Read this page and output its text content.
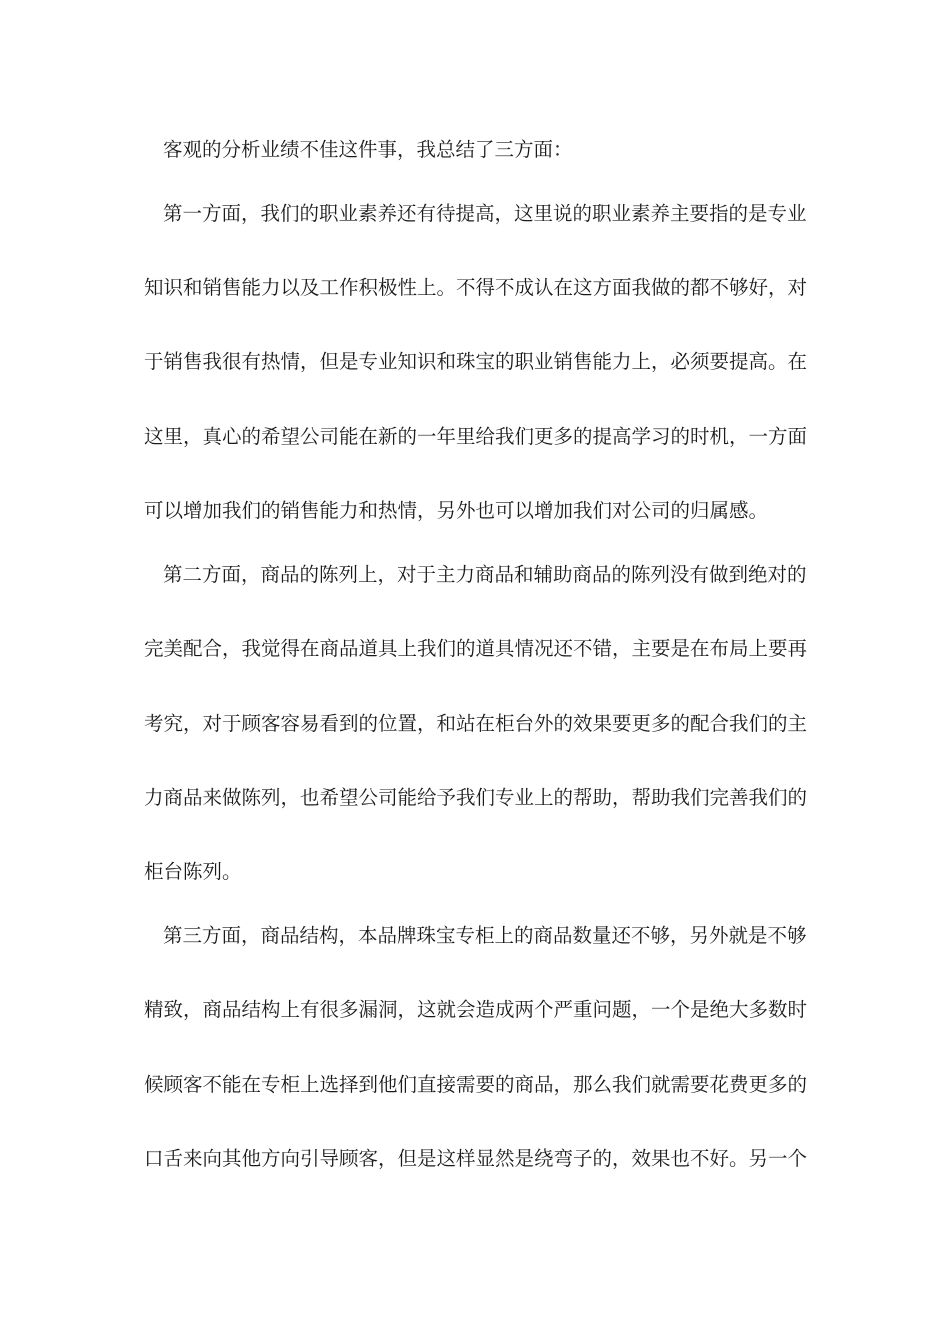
客观的分析业绩不佳这件事，我总结了三方面：
第一方面，我们的职业素养还有待提高，这里说的职业素养主要指的是专业
知识和销售能力以及工作积极性上。不得不成认在这方面我做的都不够好，对
于销售我很有热情，但是专业知识和珠宝的职业销售能力上，必须要提高。在
这里，真心的希望公司能在新的一年里给我们更多的提高学习的时机，一方面
可以增加我们的销售能力和热情，另外也可以增加我们对公司的归属感。
第二方面，商品的陈列上，对于主力商品和辅助商品的陈列没有做到绝对的
完美配合，我觉得在商品道具上我们的道具情况还不错，主要是在布局上要再
考究，对于顾客容易看到的位置，和站在柜台外的效果要更多的配合我们的主
力商品来做陈列，也希望公司能给予我们专业上的帮助，帮助我们完善我们的
柜台陈列。
第三方面，商品结构，本品牌珠宝专柜上的商品数量还不够，另外就是不够
精致，商品结构上有很多漏洞，这就会造成两个严重问题，一个是绝大多数时
候顾客不能在专柜上选择到他们直接需要的商品，那么我们就需要花费更多的
口舌来向其他方向引导顾客，但是这样显然是绕弯子的，效果也不好。另一个
